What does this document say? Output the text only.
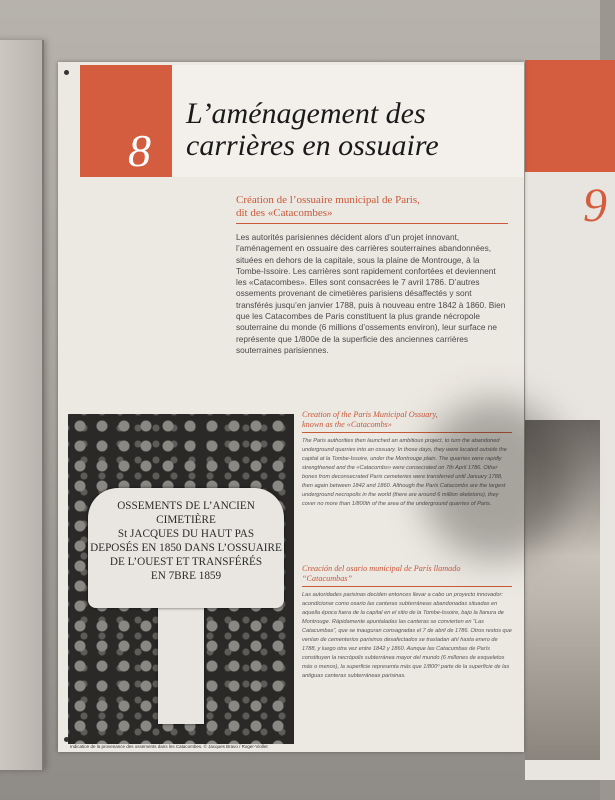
9
8
L’aménagement des
carrières en ossuaire
Création de l’ossuaire municipal de Paris,
dit des «Catacombes»
Les autorités parisiennes décident alors d’un projet innovant, l’aménagement en ossuaire des carrières souterraines abandonnées, situées en dehors de la capitale, sous la plaine de Montrouge, à la Tombe-Issoire. Les carrières sont rapidement confortées et deviennent les «Catacombes». Elles sont consacrées le 7 avril 1786. D’autres ossements provenant de cimetières parisiens désaffectés y sont transférés jusqu’en janvier 1788, puis à nouveau entre 1842 à 1860. Bien que les Catacombes de Paris constituent la plus grande nécropole souterraine du monde (6 millions d’ossements environ), leur surface ne représente que 1/800e de la superficie des anciennes carrières souterraines parisiennes.
OSSEMENTS DE L’ANCIEN CIMETIÈRE
St JACQUES DU HAUT PAS
DEPOSÉS EN 1850 DANS L’OSSUAIRE
DE L’OUEST ET TRANSFÉRÉS
EN 7BRE 1859
Indication de la provenance des ossements dans les Catacombes. © Jacques Bravo / Roger-Viollet
Creation of the Paris Municipal Ossuary,
known as the «Catacombs»
The Paris authorities then launched an ambitious project, to turn the abandoned underground quarries into an ossuary. In those days, they were located outside the capital at la Tombe-Issoire, under the Montrouge plain. The quarries were rapidly strengthened and the «Catacombs» were consecrated on 7th April 1786. Other bones from deconsecrated Paris cemeteries were transferred until January 1788, then again between 1842 and 1860. Although the Paris Catacombs are the largest underground necropolis in the world (there are around 6 million skeletons), they cover no more than 1/800th of the area of the underground quarries of Paris.
Creación del osario municipal de París llamado
“Catacumbas”
Las autoridades parisinas deciden entonces llevar a cabo un proyecto innovador: acondicionar como osario las canteras subterráneas abandonadas situadas en aquella época fuera de la capital en el sitio de la Tombe-Issoire, bajo la llanura de Montrouge. Rápidamente apuntaladas las canteras se convierten en “Las Catacumbas”, que se inauguran consagradas el 7 de abril de 1786. Otros restos que venían de cementerios parisinos desafectados se trasladan ahí hasta enero de 1788, y luego otra vez entre 1842 y 1860. Aunque las Catacumbas de París constituyen la necrópolis subterránea mayor del mundo (6 millones de esqueletos más o menos), la superficie representa más que 1/800º parte de la superficie de las antiguas canteras subterráneas parisinas.
